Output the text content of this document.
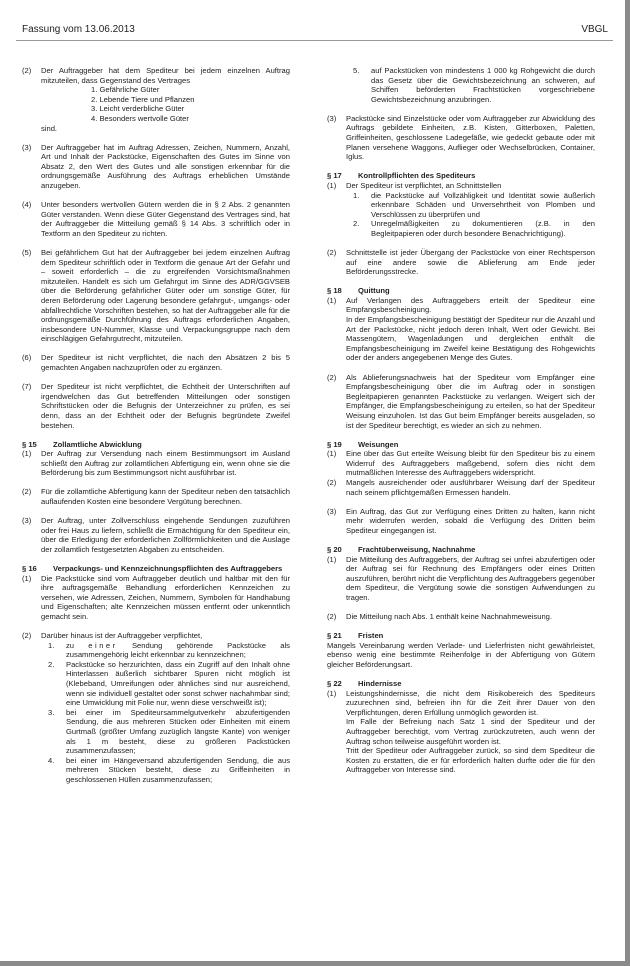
Fassung vom 13.06.2013	VBGL
(2)	Der Auftraggeber hat dem Spediteur bei jedem einzelnen Auftrag mitzuteilen, dass Gegenstand des Vertrages
1. Gefährliche Güter
2. Lebende Tiere und Pflanzen
3. Leicht verderbliche Güter
4. Besonders wertvolle Güter
sind.
(3)	Der Auftraggeber hat im Auftrag Adressen, Zeichen, Nummern, Anzahl, Art und Inhalt der Packstücke, Eigenschaften des Gutes im Sinne von Absatz 2, den Wert des Gutes und alle sonstigen erkennbar für die ordnungsgemäße Ausführung des Auftrags erheblichen Umstände anzugeben.
(4)	Unter besonders wertvollen Gütern werden die in § 2 Abs. 2 genannten Güter verstanden. Wenn diese Güter Gegenstand des Vertrages sind, hat der Auftraggeber die Mitteilung gemäß § 14 Abs. 3 schriftlich oder in Textform an den Spediteur zu richten.
(5)	Bei gefährlichem Gut hat der Auftraggeber bei jedem einzelnen Auftrag dem Spediteur schriftlich oder in Textform die genaue Art der Gefahr und – soweit erforderlich – die zu ergreifenden Vorsichtsmaßnahmen mitzuteilen. Handelt es sich um Gefahrgut im Sinne des ADR/GGVSEB über die Beförderung gefährlicher Güter oder um sonstige Güter, für deren Beförderung oder Lagerung besondere gefahrgut-, umgangs- oder abfallrechtliche Vorschriften bestehen, so hat der Auftraggeber alle für die ordnungsgemäße Durchführung des Auftrags erforderlichen Angaben, insbesondere UN-Nummer, Klasse und Verpackungsgruppe nach dem einschlägigen Gefahrgutrecht, mitzuteilen.
(6)	Der Spediteur ist nicht verpflichtet, die nach den Absätzen 2 bis 5 gemachten Angaben nachzuprüfen oder zu ergänzen.
(7)	Der Spediteur ist nicht verpflichtet, die Echtheit der Unterschriften auf irgendwelchen das Gut betreffenden Mitteilungen oder sonstigen Schriftstücken oder die Befugnis der Unterzeichner zu prüfen, es sei denn, dass an der Echtheit oder der Befugnis begründete Zweifel bestehen.
§ 15	Zollamtliche Abwicklung
(1)	Der Auftrag zur Versendung nach einem Bestimmungsort im Ausland schließt den Auftrag zur zollamtlichen Abfertigung ein, wenn ohne sie die Beförderung bis zum Bestimmungsort nicht ausführbar ist.
(2)	Für die zollamtliche Abfertigung kann der Spediteur neben den tatsächlich auflaufenden Kosten eine besondere Vergütung berechnen.
(3)	Der Auftrag, unter Zollverschluss eingehende Sendungen zuzuführen oder frei Haus zu liefern, schließt die Ermächtigung für den Spediteur ein, über die Erledigung der erforderlichen Zollförmlichkeiten und die Auslage der zollamtlich festgesetzten Abgaben zu entscheiden.
§ 16	Verpackungs- und Kennzeichnungspflichten des Auftraggebers
(1)	Die Packstücke sind vom Auftraggeber deutlich und haltbar mit den für ihre auftragsgemäße Behandlung erforderlichen Kennzeichen zu versehen, wie Adressen, Zeichen, Nummern, Symbolen für Handhabung und Eigenschaften; alte Kennzeichen müssen entfernt oder unkenntlich gemacht sein.
(2)	Darüber hinaus ist der Auftraggeber verpflichtet,
1.	zu einer Sendung gehörende Packstücke als zusammengehörig leicht erkennbar zu kennzeichnen;
2.	Packstücke so herzurichten, dass ein Zugriff auf den Inhalt ohne Hinterlassen äußerlich sichtbarer Spuren nicht möglich ist (Klebeband, Umreifungen oder ähnliches sind nur ausreichend, wenn sie individuell gestaltet oder sonst schwer nachahmbar sind; eine Umwicklung mit Folie nur, wenn diese verschweißt ist);
3.	bei einer im Spediteursammelgutverkehr abzufertigenden Sendung, die aus mehreren Stücken oder Einheiten mit einem Gurtmaß (größter Umfang zuzüglich längste Kante) von weniger als 1 m besteht, diese zu größeren Packstücken zusammenzufassen;
4.	bei einer im Hängeversand abzufertigenden Sendung, die aus mehreren Stücken besteht, diese zu Griffeinheiten in geschlossenen Hüllen zusammenzufassen;
5.	auf Packstücken von mindestens 1 000 kg Rohgewicht die durch das Gesetz über die Gewichtsbezeichnung an schweren, auf Schiffen beförderten Frachtstücken vorgeschriebene Gewichtsbezeichnung anzubringen.
(3)	Packstücke sind Einzelstücke oder vom Auftraggeber zur Abwicklung des Auftrags gebildete Einheiten, z.B. Kisten, Gitterboxen, Paletten, Griffeinheiten, geschlossene Ladegefäße, wie gedeckt gebaute oder mit Planen versehene Waggons, Auflieger oder Wechselbrücken, Container, Iglus.
§ 17	Kontrollpflichten des Spediteurs
(1)	Der Spediteur ist verpflichtet, an Schnittstellen
1.	die Packstücke auf Vollzähligkeit und Identität sowie äußerlich erkennbare Schäden und Unversehrtheit von Plomben und Verschlüssen zu überprüfen und
2.	Unregelmäßigkeiten zu dokumentieren (z.B. in den Begleitpapieren oder durch besondere Benachrichtigung).
(2)	Schnittstelle ist jeder Übergang der Packstücke von einer Rechtsperson auf eine andere sowie die Ablieferung am Ende jeder Beförderungsstrecke.
§ 18	Quittung
(1)	Auf Verlangen des Auftraggebers erteilt der Spediteur eine Empfangsbescheinigung.
In der Empfangsbescheinigung bestätigt der Spediteur nur die Anzahl und Art der Packstücke, nicht jedoch deren Inhalt, Wert oder Gewicht. Bei Massengütern, Wagenladungen und dergleichen enthält die Empfangsbescheinigung im Zweifel keine Bestätigung des Rohgewichts oder der anders angegebenen Menge des Gutes.
(2)	Als Ablieferungsnachweis hat der Spediteur vom Empfänger eine Empfangsbescheinigung über die im Auftrag oder in sonstigen Begleitpapieren genannten Packstücke zu verlangen. Weigert sich der Empfänger, die Empfangsbescheinigung zu erteilen, so hat der Spediteur Weisung einzuholen. Ist das Gut beim Empfänger bereits ausgeladen, so ist der Spediteur berechtigt, es wieder an sich zu nehmen.
§ 19	Weisungen
(1)	Eine über das Gut erteilte Weisung bleibt für den Spediteur bis zu einem Widerruf des Auftraggebers maßgebend, sofern dies nicht dem mutmaßlichen Interesse des Auftraggebers widerspricht.
(2)	Mangels ausreichender oder ausführbarer Weisung darf der Spediteur nach seinem pflichtgemäßen Ermessen handeln.
(3)	Ein Auftrag, das Gut zur Verfügung eines Dritten zu halten, kann nicht mehr widerrufen werden, sobald die Verfügung des Dritten beim Spediteur eingegangen ist.
§ 20	Frachtüberweisung, Nachnahme
(1)	Die Mitteilung des Auftraggebers, der Auftrag sei unfrei abzufertigen oder der Auftrag sei für Rechnung des Empfängers oder eines Dritten auszuführen, berührt nicht die Verpflichtung des Auftraggebers gegenüber dem Spediteur, die Vergütung sowie die sonstigen Aufwendungen zu tragen.
(2)	Die Mitteilung nach Abs. 1 enthält keine Nachnahmeweisung.
§ 21	Fristen
Mangels Vereinbarung werden Verlade- und Lieferfristen nicht gewährleistet, ebenso wenig eine bestimmte Reihenfolge in der Abfertigung von Gütern gleicher Beförderungsart.
§ 22	Hindernisse
(1)	Leistungshindernisse, die nicht dem Risikobereich des Spediteurs zuzurechnen sind, befreien ihn für die Zeit ihrer Dauer von den Verpflichtungen, deren Erfüllung unmöglich geworden ist.
Im Falle der Befreiung nach Satz 1 sind der Spediteur und der Auftraggeber berechtigt, vom Vertrag zurückzutreten, auch wenn der Auftrag schon teilweise ausgeführt worden ist.
Tritt der Spediteur oder Auftraggeber zurück, so sind dem Spediteur die Kosten zu erstatten, die er für erforderlich halten durfte oder die für den Auftraggeber von Interesse sind.
